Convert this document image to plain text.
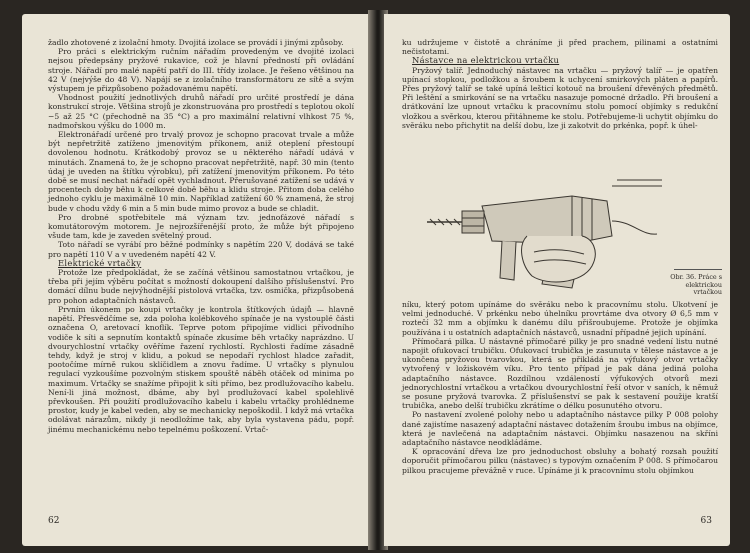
žadlo zhotovené z izolační hmoty. Dvojitá izolace se provádí i jinými způsoby.

Pro práci s elektrickým ručním nářadím provedeným ve dvojité izolaci nejsou předepsány pryžové rukavice, což je hlavní předností při ovládání stroje. Nářadí pro malé napětí patří do III. třídy izolace. Je řešeno většinou na 42 V (nejvýše do 48 V). Napájí se z izolačního transformátoru ze sítě a svým výstupem je přizpůsobeno požadovanému napětí.

Vhodnost použití jednotlivých druhů nářadí pro určité prostředí je dána konstrukcí stroje. Většina strojů je zkonstruována pro prostředí s teplotou okolí −5 až 25 °C (přechodně na 35 °C) a pro maximální relativní vlhkost 75 %, nadmořskou výšku do 1000 m.

Elektronářadí určené pro trvalý provoz je schopno pracovat trvale a může být nepřetržitě zatíženo jmenovitým příkonem, aniž oteplení přestoupí dovolenou hodnotu. Krátkodobý provoz se u některého nářadí udává v minutách. Znamená to, že je schopno pracovat nepřetržitě, např. 30 min (tento údaj je uveden na štítku výrobku), při zatížení jmenovitým příkonem. Po této době se musí nechat nářadí opět vychladnout. Přerušované zatížení se udává v procentech doby běhu k celkové době běhu a klidu stroje. Přitom doba celého jednoho cyklu je maximálně 10 min. Například zatížení 60 % znamená, že stroj bude v chodu vždy 6 min a 5 min bude mimo provoz a bude se chladit.

Pro drobné spotřebitele má význam tzv. jednofázové nářadí s komutátorovým motorem. Je nejrozšířenější proto, že může být připojeno všude tam, kde je zaveden světelný proud.

Toto nářadí se vyrábí pro běžné podmínky s napětím 220 V, dodává se také pro napětí 110 V a v uvedeném napětí 42 V.

Elektrické vrtačky

Protože lze předpokládat, že se začíná většinou samostatnou vrtačkou, je třeba při jejím výběru počítat s možností dokoupení dalšího příslušenství. Pro domácí dílnu bude nejvýhodnější pistolová vrtačka, tzv. osmička, přizpůsobená pro pohon adaptačních nástavců.

Prvním úkonem po koupi vrtačky je kontrola štítkových údajů — hlavně napětí. Přesvědčíme se, zda poloha kolébkového spínače je na vystouplé části označena O, aretovací knoflík. Teprve potom připojíme vidlici přívodního vodiče k síti a sepnutím kontaktů spínače zkusíme běh vrtačky naprázdno. U dvourychlostní vrtačky ověříme řazení rychlostí. Rychlosti řadíme zásadně tehdy, když je stroj v klidu, a pokud se nepodaří rychlost hladce zařadit, pootočíme mírně rukou sklíčidlem a znovu řadíme. U vrtačky s plynulou regulací vyzkoušíme pozvolným stiskem spouště náběh otáček od minima po maximum. Vrtačky se snažíme připojit k síti přímo, bez prodlužovacího kabelu. Není-li jiná možnost, dbáme, aby byl prodlužovací kabel spolehlivě převkoušen. Při použití prodlužovacího kabelu i kabelu vrtačky prohlédneme prostor, kudy je kabel veden, aby se mechanicky nepoškodil. I když má vrtačka odolávat nárazům, nikdy ji neodložíme tak, aby byla vystavena pádu, popř. jinému mechanickému nebo tepelnému poškození. Vrtač-

62

ku udržujeme v čistotě a chráníme ji před prachem, pilinami a ostatními nečistotami.

Nástavce na elektrickou vrtačku

Pryžový talíř. Jednoduchý nástavec na vrtačku — pryžový talíř — je opatřen upínací stopkou, podložkou a šroubem k uchycení smirkových pláten a papírů. Přes pryžový talíř se také upíná lešticí kotouč na broušení dřevěných předmětů. Při leštění a smirkování se na vrtačku nasazuje pomocné držadlo. Při broušení a drátkování lze upnout vrtačku k pracovnímu stolu pomocí objímky s redukční vložkou a svěrkou, kterou přitáhneme ke stolu. Potřebujeme-li uchytit objímku do svěráku nebo přichytit na delší dobu, lze ji zakotvit do prkénka, popř. k úhel-

Obr. 36. Práce s elektrickou vrtačkou

níku, který potom upínáme do svěráku nebo k pracovnímu stolu. Ukotvení je velmi jednoduché. V prkénku nebo úhelníku provrtáme dva otvory Ø 6,5 mm v roztečí 32 mm a objímku k danému dílu přišroubujeme. Protože je objímka používána i u ostatních adaptačních nástavců, usnadní případné jejich upínání.

Přímočará pilka. U nástavné přímočaré pilky je pro snadné vedení listu nutné napojit ofukovací trubičku. Ofukovací trubička je zasunuta v tělese nástavce a je ukončena pryžovou tvarovkou, která se přikládá na výfukový otvor vrtačky vytvořený v ložiskovém víku. Pro tento případ je pak dána jediná poloha adaptačního nástavce. Rozdílnou vzdáleností výfukových otvorů mezi jednorychlostní vrtačkou a vrtačkou dvourychlostní řeší otvor v saních, k němuž se posune pryžová tvarovka. Z příslušenství se pak k sestavení použije kratší trubička, anebo delší trubičku zkrátíme o délku posunutého otvoru.

Po nastavení zvolené polohy nebo u adaptačního nástavce pilky P 008 polohy dané zajistíme nasazený adaptační nástavec dotažením šroubu imbus na objímce, která je navlečená na adaptačním nástavci. Objímku nasazenou na skříni adaptačního nástavce neodkládáme.

K opracování dřeva lze pro jednoduchost obsluhy a bohatý rozsah použití doporučit přímočarou pilku (nástavec) s typovým označením P 008. S přímočarou pilkou pracujeme převážně v ruce. Upínáme ji k pracovnímu stolu objímkou

63
